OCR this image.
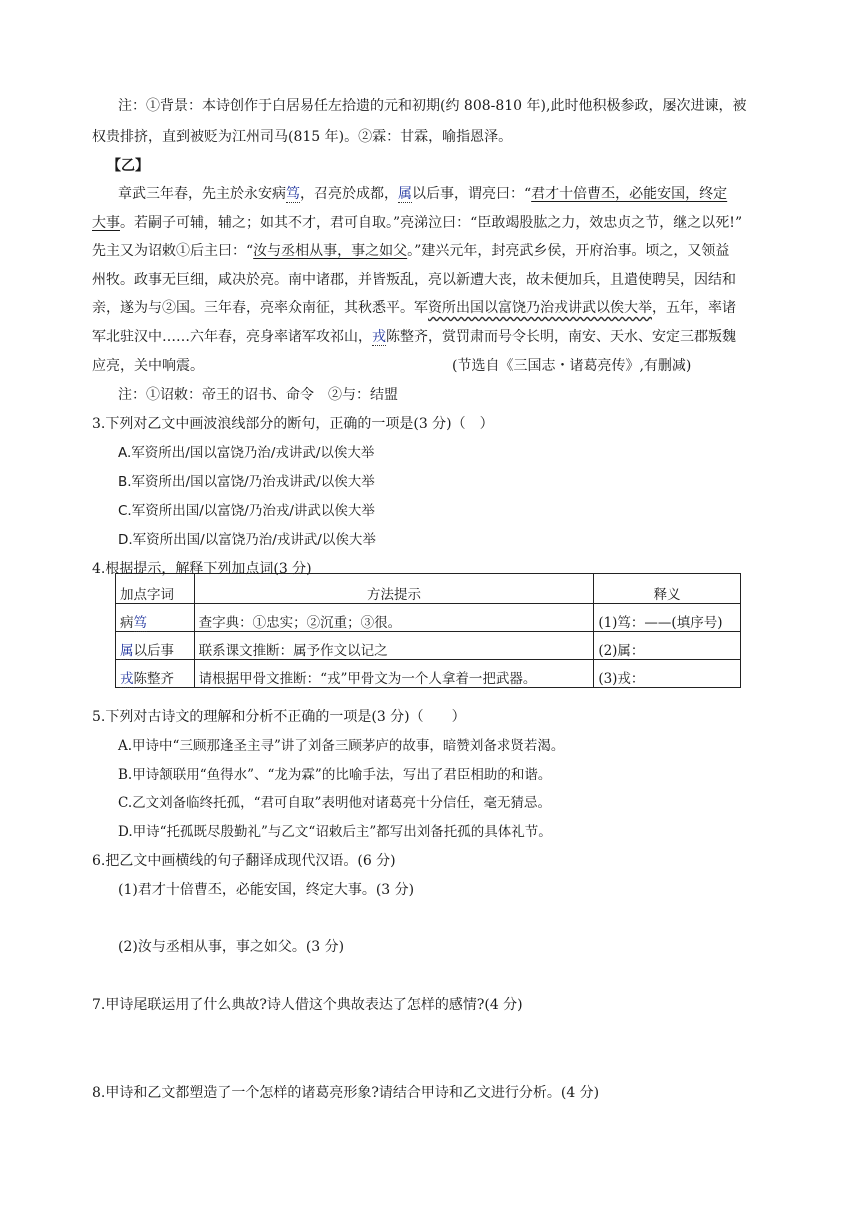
注：①背景：本诗创作于白居易任左拾遗的元和初期(约 808-810 年),此时他积极参政，屡次进谏，被
权贵排挤，直到被贬为江州司马(815 年)。②霖：甘霖，喻指恩泽。
【乙】
章武三年春，先主於永安病笃，召亮於成都，属以后事，谓亮曰：“君才十倍曹丕，必能安国，终定
大事。若嗣子可辅，辅之；如其不才，君可自取。”亮涕泣曰：“臣敢竭股肱之力，效忠贞之节，继之以死!”
先主又为诏敕①后主曰：“汝与丞相从事，事之如父。”建兴元年，封亮武乡侯，开府治事。顷之，又领益
州牧。政事无巨细，咸决於亮。南中诸郡，并皆叛乱，亮以新遭大丧，故未便加兵，且遣使聘吴，因结和
亲，遂为与②国。三年春，亮率众南征，其秋悉平。军资所出国以富饶乃治戎讲武以俟大举，五年，率诸
军北驻汉中……六年春，亮身率诸军攻祁山，戎陈整齐，赏罚肃而号令长明，南安、天水、安定三郡叛魏
应亮，关中响震。	(节选自《三国志・诸葛亮传》,有删减)
注：①诏敕：帝王的诏书、命令　②与：结盟
3.下列对乙文中画波浪线部分的断句，正确的一项是(3 分)（　）
A.军资所出/国以富饶乃治/戎讲武/以俟大举
B.军资所出/国以富饶/乃治戎讲武/以俟大举
C.军资所出国/以富饶/乃治戎/讲武以俟大举
D.军资所出国/以富饶乃治/戎讲武/以俟大举
4.根据提示，解释下列加点词(3 分)
加点字词	方法提示	释义
病笃	查字典：①忠实；②沉重；③很。	(1)笃：——(填序号)
属以后事	联系课文推断：属予作文以记之	(2)属：
戎陈整齐	请根据甲骨文推断：“戎”甲骨文为一个人拿着一把武器。	(3)戎：
5.下列对古诗文的理解和分析不正确的一项是(3 分)（　　）
A.甲诗中“三顾那逢圣主寻”讲了刘备三顾茅庐的故事，暗赞刘备求贤若渴。
B.甲诗颔联用“鱼得水”、“龙为霖”的比喻手法，写出了君臣相助的和谐。
C.乙文刘备临终托孤，“君可自取”表明他对诸葛亮十分信任，毫无猜忌。
D.甲诗“托孤既尽殷勤礼”与乙文“诏敕后主”都写出刘备托孤的具体礼节。
6.把乙文中画横线的句子翻译成现代汉语。(6 分)
(1)君才十倍曹丕，必能安国，终定大事。(3 分)
(2)汝与丞相从事，事之如父。(3 分)
7.甲诗尾联运用了什么典故?诗人借这个典故表达了怎样的感情?(4 分)
8.甲诗和乙文都塑造了一个怎样的诸葛亮形象?请结合甲诗和乙文进行分析。(4 分)
